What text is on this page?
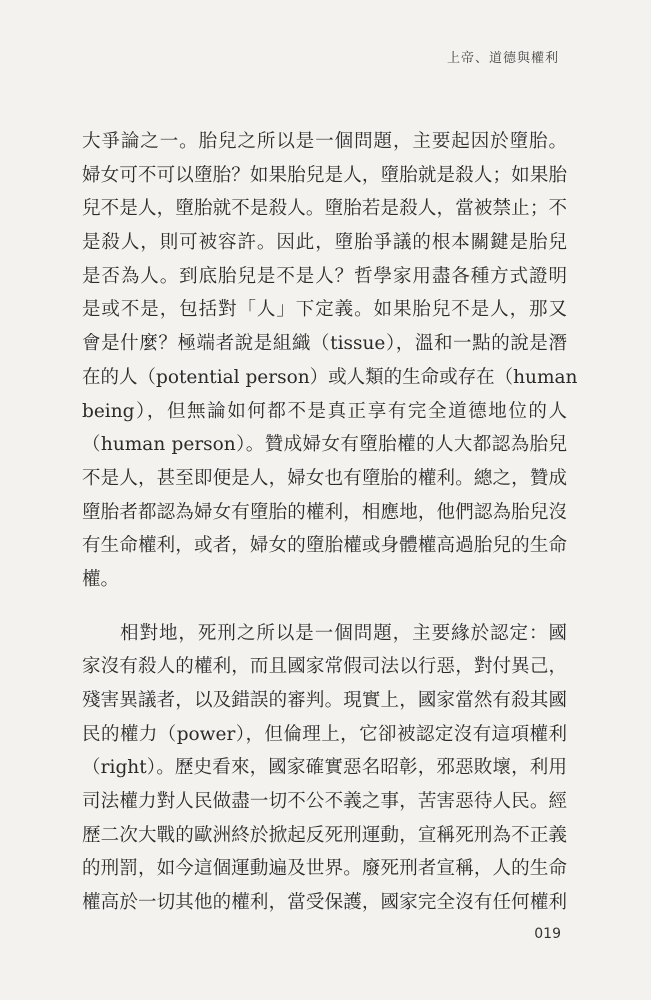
上帝、道德與權利
大爭論之一。胎兒之所以是一個問題，主要起因於墮胎。
婦女可不可以墮胎？如果胎兒是人，墮胎就是殺人；如果胎
兒不是人，墮胎就不是殺人。墮胎若是殺人，當被禁止；不
是殺人，則可被容許。因此，墮胎爭議的根本關鍵是胎兒
是否為人。到底胎兒是不是人？哲學家用盡各種方式證明
是或不是，包括對「人」下定義。如果胎兒不是人，那又
會是什麼？極端者說是組織（tissue），溫和一點的說是潛
在的人（potential person）或人類的生命或存在（human
being），但無論如何都不是真正享有完全道德地位的人
（human person）。贊成婦女有墮胎權的人大都認為胎兒
不是人，甚至即便是人，婦女也有墮胎的權利。總之，贊成
墮胎者都認為婦女有墮胎的權利，相應地，他們認為胎兒沒
有生命權利，或者，婦女的墮胎權或身體權高過胎兒的生命
權。
相對地，死刑之所以是一個問題，主要緣於認定：國
家沒有殺人的權利，而且國家常假司法以行惡，對付異己，
殘害異議者，以及錯誤的審判。現實上，國家當然有殺其國
民的權力（power），但倫理上，它卻被認定沒有這項權利
（right）。歷史看來，國家確實惡名昭彰，邪惡敗壞，利用
司法權力對人民做盡一切不公不義之事，苦害惡待人民。經
歷二次大戰的歐洲終於掀起反死刑運動，宣稱死刑為不正義
的刑罰，如今這個運動遍及世界。廢死刑者宣稱，人的生命
權高於一切其他的權利，當受保護，國家完全沒有任何權利
019
